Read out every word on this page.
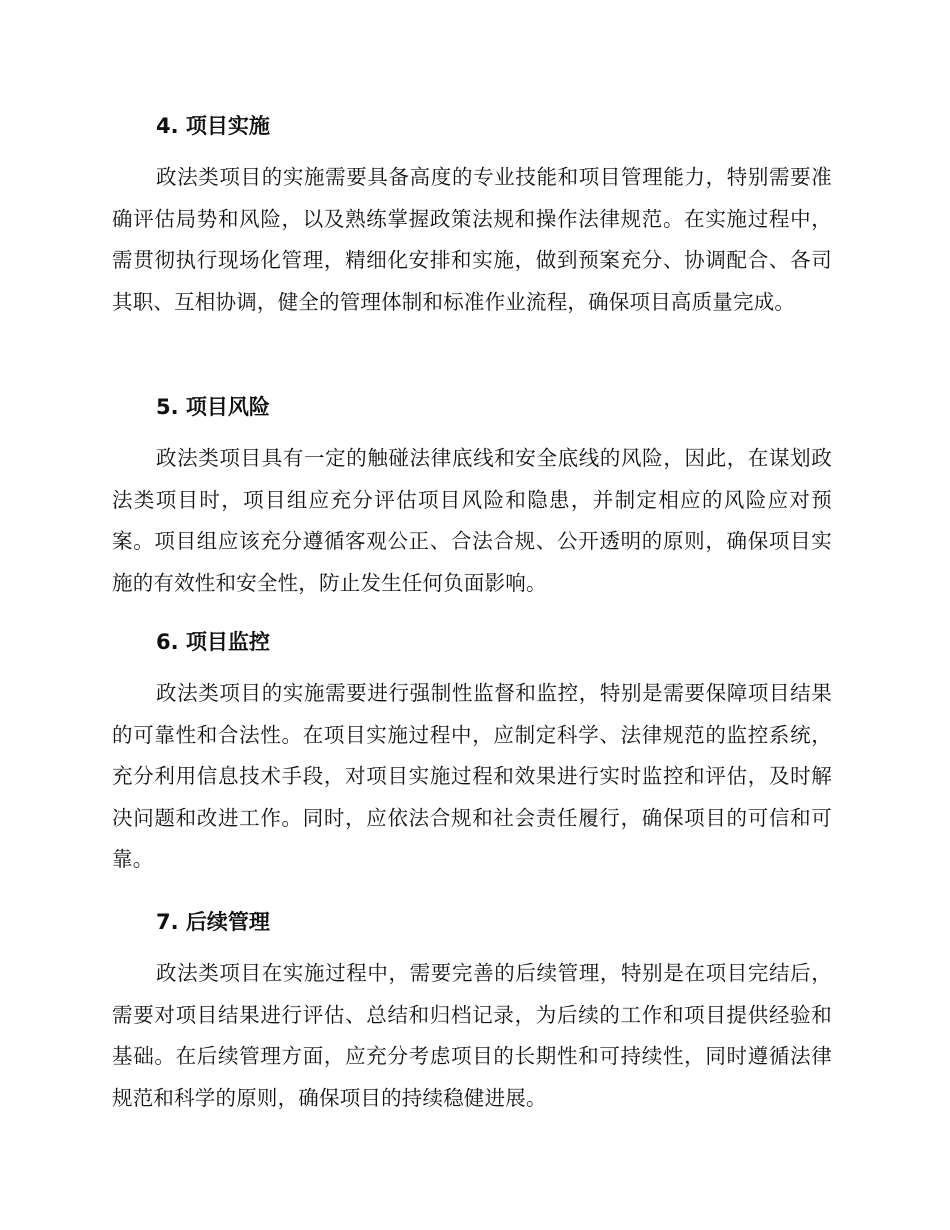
4. 项目实施

政法类项目的实施需要具备高度的专业技能和项目管理能力，特别需要准确评估局势和风险，以及熟练掌握政策法规和操作法律规范。在实施过程中，需贯彻执行现场化管理，精细化安排和实施，做到预案充分、协调配合、各司其职、互相协调，健全的管理体制和标准作业流程，确保项目高质量完成。

5. 项目风险

政法类项目具有一定的触碰法律底线和安全底线的风险，因此，在谋划政法类项目时，项目组应充分评估项目风险和隐患，并制定相应的风险应对预案。项目组应该充分遵循客观公正、合法合规、公开透明的原则，确保项目实施的有效性和安全性，防止发生任何负面影响。

6. 项目监控

政法类项目的实施需要进行强制性监督和监控，特别是需要保障项目结果的可靠性和合法性。在项目实施过程中，应制定科学、法律规范的监控系统，充分利用信息技术手段，对项目实施过程和效果进行实时监控和评估，及时解决问题和改进工作。同时，应依法合规和社会责任履行，确保项目的可信和可靠。

7. 后续管理

政法类项目在实施过程中，需要完善的后续管理，特别是在项目完结后，需要对项目结果进行评估、总结和归档记录，为后续的工作和项目提供经验和基础。在后续管理方面，应充分考虑项目的长期性和可持续性，同时遵循法律规范和科学的原则，确保项目的持续稳健进展。
